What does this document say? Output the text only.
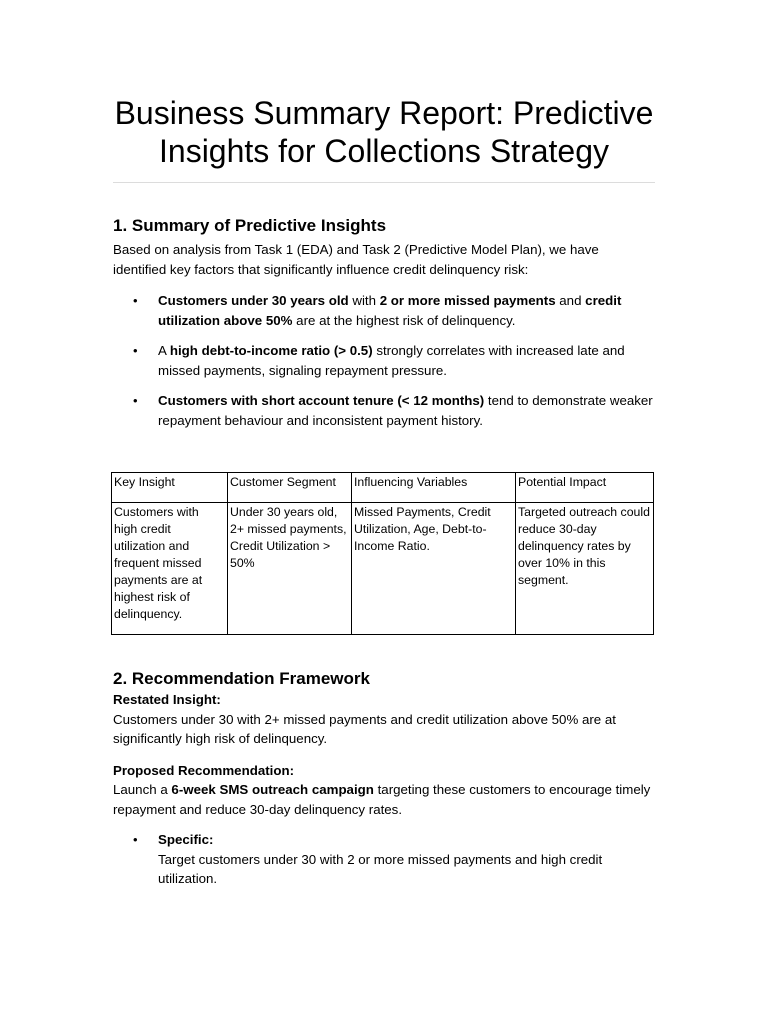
Business Summary Report: Predictive Insights for Collections Strategy
1. Summary of Predictive Insights

Based on analysis from Task 1 (EDA) and Task 2 (Predictive Model Plan), we have identified key factors that significantly influence credit delinquency risk:

• Customers under 30 years old with 2 or more missed payments and credit utilization above 50% are at the highest risk of delinquency.
• A high debt-to-income ratio (> 0.5) strongly correlates with increased late and missed payments, signaling repayment pressure.
• Customers with short account tenure (< 12 months) tend to demonstrate weaker repayment behaviour and inconsistent payment history.
Key Insight	Customer Segment	Influencing Variables	Potential Impact
Customers with high credit utilization and frequent missed payments are at highest risk of delinquency.	Under 30 years old, 2+ missed payments, Credit Utilization > 50%	Missed Payments, Credit Utilization, Age, Debt-to-Income Ratio.	Targeted outreach could reduce 30-day delinquency rates by over 10% in this segment.
2. Recommendation Framework

Restated Insight:

Customers under 30 with 2+ missed payments and credit utilization above 50% are at significantly high risk of delinquency.

Proposed Recommendation:

Launch a 6-week SMS outreach campaign targeting these customers to encourage timely repayment and reduce 30-day delinquency rates.

• Specific:
Target customers under 30 with 2 or more missed payments and high credit utilization.
